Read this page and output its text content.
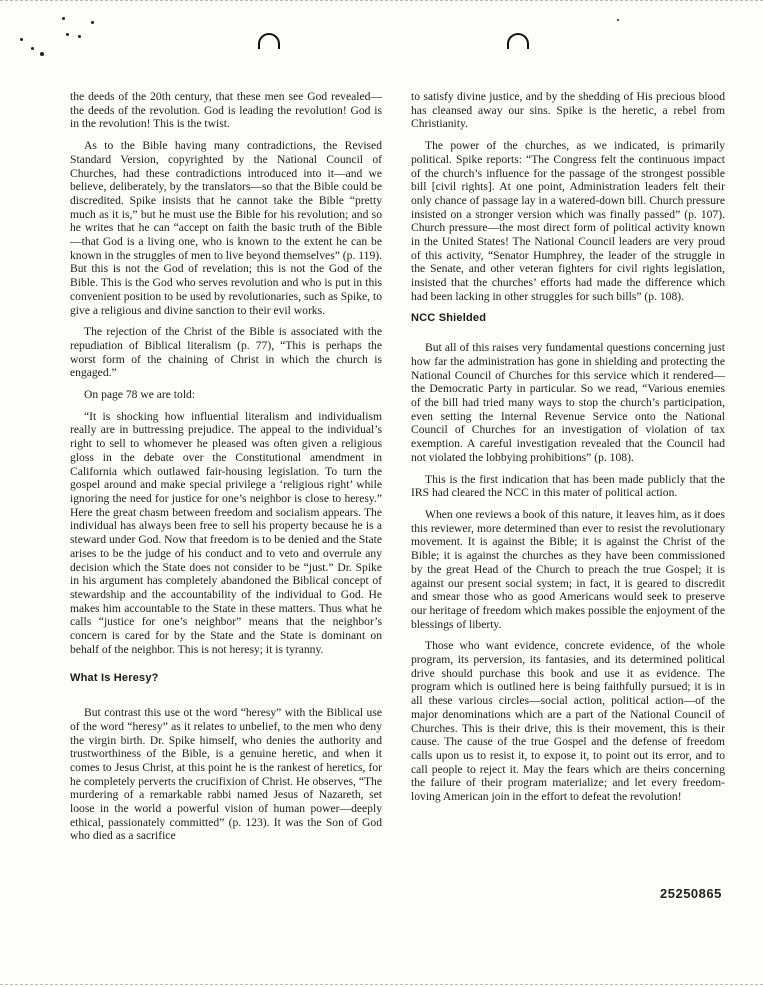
the deeds of the 20th century, that these men see God revealed—the deeds of the revolution. God is leading the revolution! God is in the revolution! This is the twist.

As to the Bible having many contradictions, the Revised Standard Version, copyrighted by the National Council of Churches, had these contradictions introduced into it—and we believe, deliberately, by the translators—so that the Bible could be discredited. Spike insists that he cannot take the Bible “pretty much as it is,” but he must use the Bible for his revolution; and so he writes that he can “accept on faith the basic truth of the Bible —that God is a living one, who is known to the extent he can be known in the struggles of men to live beyond themselves” (p. 119). But this is not the God of revelation; this is not the God of the Bible. This is the God who serves revolution and who is put in this convenient position to be used by revolutionaries, such as Spike, to give a religious and divine sanction to their evil works.

The rejection of the Christ of the Bible is associated with the repudiation of Biblical literalism (p. 77), “This is perhaps the worst form of the chaining of Christ in which the church is engaged.”

On page 78 we are told:

“It is shocking how influential literalism and individualism really are in buttressing prejudice. The appeal to the individual’s right to sell to whomever he pleased was often given a religious gloss in the debate over the Constitutional amendment in California which outlawed fair-housing legislation. To turn the gospel around and make special privilege a ‘religious right’ while ignoring the need for justice for one’s neighbor is close to heresy.” Here the great chasm between freedom and socialism appears. The individual has always been free to sell his property because he is a steward under God. Now that freedom is to be denied and the State arises to be the judge of his conduct and to veto and overrule any decision which the State does not consider to be “just.” Dr. Spike in his argument has completely abandoned the Biblical concept of stewardship and the accountability of the individual to God. He makes him accountable to the State in these matters. Thus what he calls “justice for one’s neighbor” means that the neighbor’s concern is cared for by the State and the State is dominant on behalf of the neighbor. This is not heresy; it is tyranny.

What Is Heresy?

But contrast this use ot the word “heresy” with the Biblical use of the word “heresy” as it relates to unbelief, to the men who deny the virgin birth. Dr. Spike himself, who denies the authority and trustworthiness of the Bible, is a genuine heretic, and when it comes to Jesus Christ, at this point he is the rankest of heretics, for he completely perverts the crucifixion of Christ. He observes, “The murdering of a remarkable rabbi named Jesus of Nazareth, set loose in the world a powerful vision of human power—deeply ethical, passionately committed” (p. 123). It was the Son of God who died as a sacrifice

to satisfy divine justice, and by the shedding of His precious blood has cleansed away our sins. Spike is the heretic, a rebel from Christianity.

The power of the churches, as we indicated, is primarily political. Spike reports: “The Congress felt the continuous impact of the church’s influence for the passage of the strongest possible bill [civil rights]. At one point, Administration leaders felt their only chance of passage lay in a watered-down bill. Church pressure insisted on a stronger version which was finally passed” (p. 107). Church pressure—the most direct form of political activity known in the United States! The National Council leaders are very proud of this activity, “Senator Humphrey, the leader of the struggle in the Senate, and other veteran fighters for civil rights legislation, insisted that the churches’ efforts had made the difference which had been lacking in other struggles for such bills” (p. 108).

NCC Shielded

But all of this raises very fundamental questions concerning just how far the administration has gone in shielding and protecting the National Council of Churches for this service which it rendered—the Democratic Party in particular. So we read, “Various enemies of the bill had tried many ways to stop the church’s participation, even setting the Internal Revenue Service onto the National Council of Churches for an investigation of violation of tax exemption. A careful investigation revealed that the Council had not violated the lobbying prohibitions” (p. 108).

This is the first indication that has been made publicly that the IRS had cleared the NCC in this mater of political action.

When one reviews a book of this nature, it leaves him, as it does this reviewer, more determined than ever to resist the revolutionary movement. It is against the Bible; it is against the Christ of the Bible; it is against the churches as they have been commissioned by the great Head of the Church to preach the true Gospel; it is against our present social system; in fact, it is geared to discredit and smear those who as good Americans would seek to preserve our heritage of freedom which makes possible the enjoyment of the blessings of liberty.

Those who want evidence, concrete evidence, of the whole program, its perversion, its fantasies, and its determined political drive should purchase this book and use it as evidence. The program which is outlined here is being faithfully pursued; it is in all these various circles—social action, political action—of the major denominations which are a part of the National Council of Churches. This is their drive, this is their movement, this is their cause. The cause of the true Gospel and the defense of freedom calls upon us to resist it, to expose it, to point out its error, and to call people to reject it. May the fears which are theirs concerning the failure of their program materialize; and let every freedom-loving American join in the effort to defeat the revolution!

25250865
